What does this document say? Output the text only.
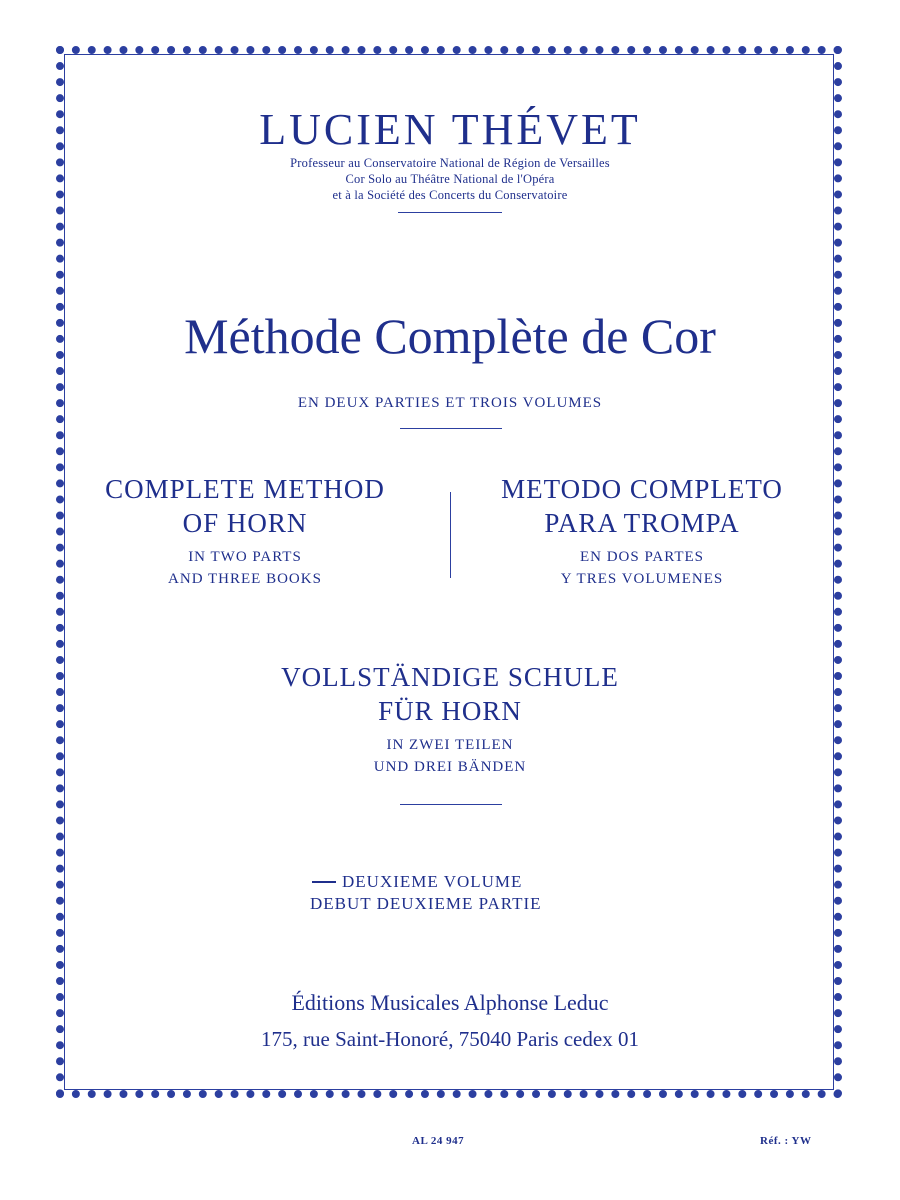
LUCIEN THÉVET
Professeur au Conservatoire National de Région de Versailles
Cor Solo au Théâtre National de l'Opéra
et à la Société des Concerts du Conservatoire
Méthode Complète de Cor
EN DEUX PARTIES ET TROIS VOLUMES
COMPLETE METHOD
OF HORN
IN TWO PARTS
AND THREE BOOKS
METODO COMPLETO
PARA TROMPA
EN DOS PARTES
Y TRES VOLUMENES
VOLLSTÄNDIGE SCHULE
FÜR HORN
IN ZWEI TEILEN
UND DREI BÄNDEN
DEUXIEME VOLUME
DEBUT DEUXIEME PARTIE
Éditions Musicales Alphonse Leduc
175, rue Saint-Honoré, 75040 Paris cedex 01
AL 24 947	Réf. : YW
